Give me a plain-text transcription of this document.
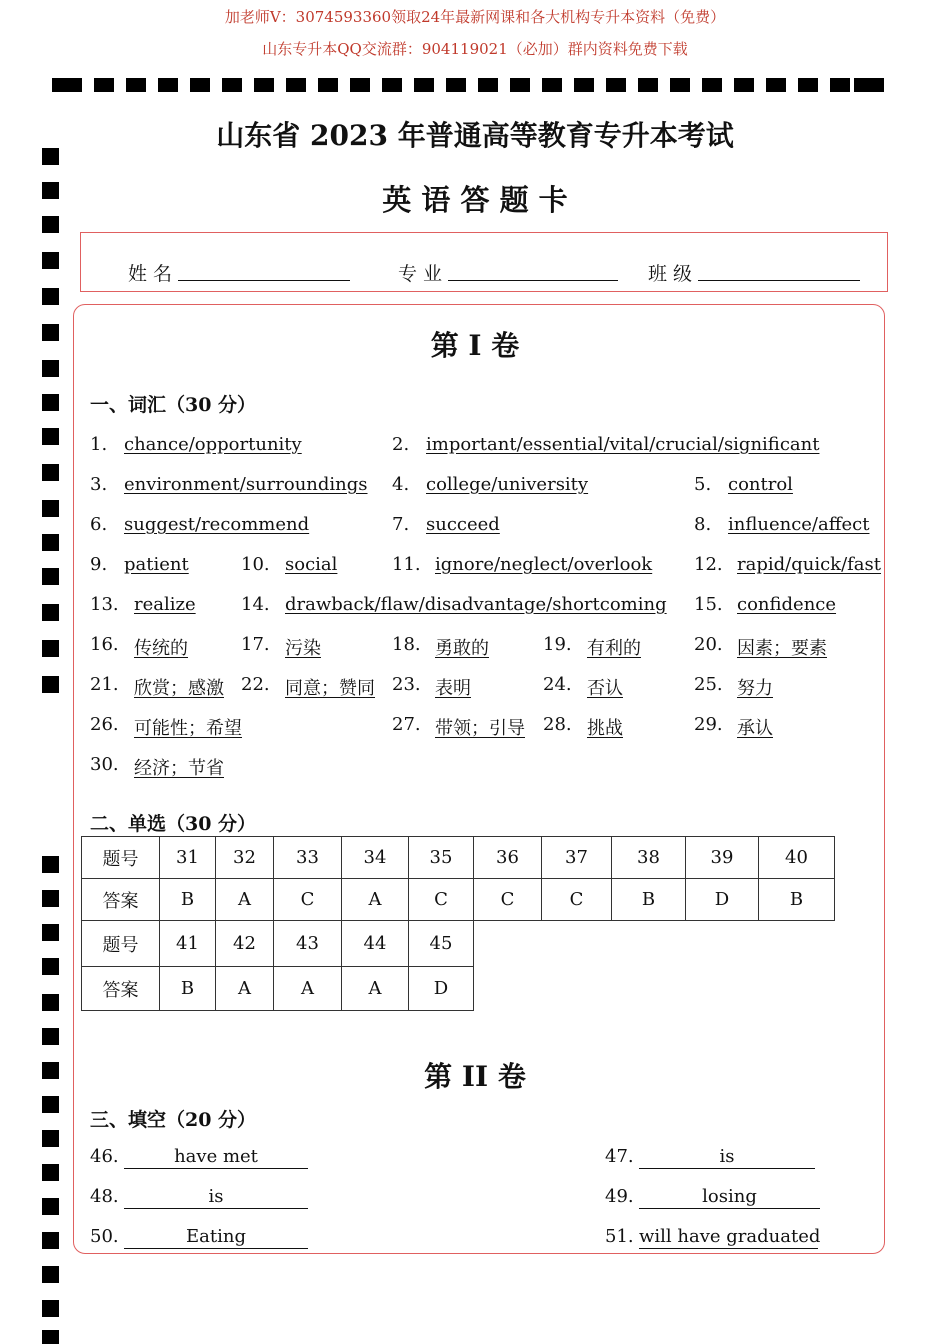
加老师V：3074593360领取24年最新网课和各大机构专升本资料（免费）
山东专升本QQ交流群：904119021（必加）群内资料免费下载
山东省 2023 年普通高等教育专升本考试
英 语 答 题 卡
姓 名	专 业	班 级
第 I 卷
一、词汇（30 分）
1. chance/opportunity	2. important/essential/vital/crucial/significant
3. environment/surroundings 4. college/university	5. control
6. suggest/recommend	7. succeed	8. influence/affect
9. patient	10. social	11. ignore/neglect/overlook 12. rapid/quick/fast
13. realize	14. drawback/flaw/disadvantage/shortcoming 15. confidence
16. 传统的	17. 污染	18. 勇敢的	19. 有利的	20. 因素；要素
21. 欣赏；感激 22. 同意；赞同 23. 表明	24. 否认	25. 努力
26. 可能性；希望	27. 带领；引导 28. 挑战	29. 承认
30. 经济；节省
二、单选（30 分）
题号	31	32	33	34	35	36	37	38	39	40
答案	B	A	C	A	C	C	C	B	D	B
题号	41	42	43	44	45					
答案	B	A	A	A	D					
第 II 卷
三、填空（20 分）
46.	have met	47.	is
48.	is	49.	losing
50.	Eating	51. will have graduated
